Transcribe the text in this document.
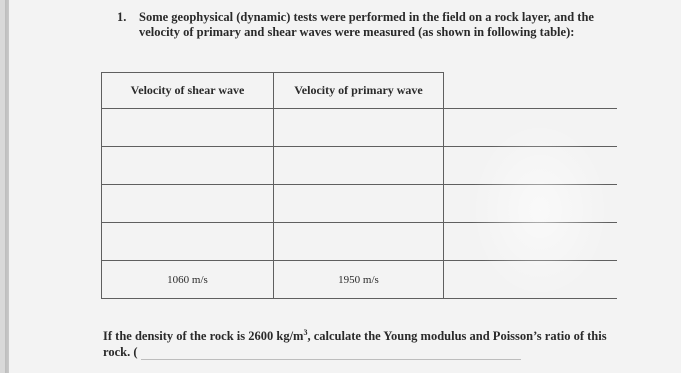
1. Some geophysical (dynamic) tests were performed in the field on a rock layer, and the velocity of primary and shear waves were measured (as shown in following table):
Velocity of shear wave	Velocity of primary wave	

1060 m/s	1950 m/s	
If the density of the rock is 2600 $kg/m^3$, calculate the Young modulus and Poisson’s ratio of this rock. (
